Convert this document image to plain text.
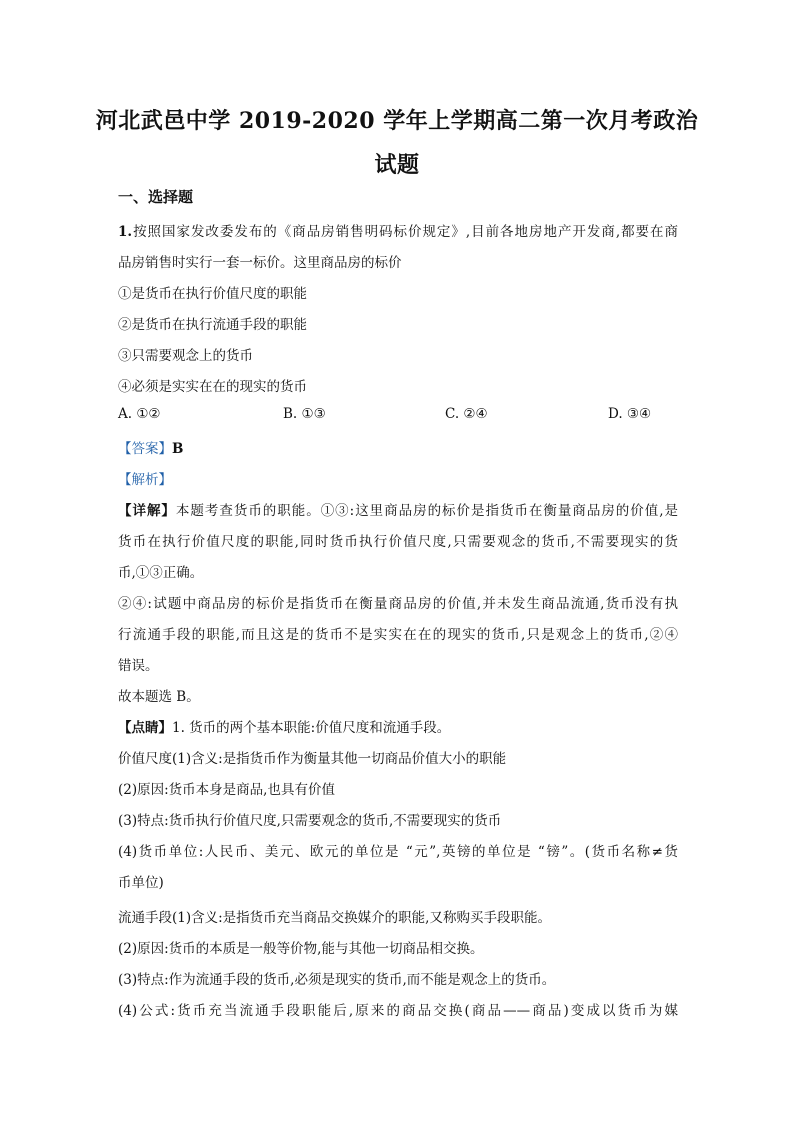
河北武邑中学 2019-2020 学年上学期高二第一次月考政治
试题
一、选择题
1.按照国家发改委发布的《商品房销售明码标价规定》,目前各地房地产开发商,都要在商
品房销售时实行一套一标价。这里商品房的标价
①是货币在执行价值尺度的职能
②是货币在执行流通手段的职能
③只需要观念上的货币
④必须是实实在在的现实的货币
A. ①②	B. ①③	C. ②④	D. ③④
【答案】B
【解析】
【详解】本题考查货币的职能。①③:这里商品房的标价是指货币在衡量商品房的价值,是
货币在执行价值尺度的职能,同时货币执行价值尺度,只需要观念的货币,不需要现实的货
币,①③正确。
②④:试题中商品房的标价是指货币在衡量商品房的价值,并未发生商品流通,货币没有执
行流通手段的职能,而且这是的货币不是实实在在的现实的货币,只是观念上的货币,②④
错误。
故本题选 B。
【点睛】1. 货币的两个基本职能:价值尺度和流通手段。
价值尺度(1)含义:是指货币作为衡量其他一切商品价值大小的职能
(2)原因:货币本身是商品,也具有价值
(3)特点:货币执行价值尺度,只需要观念的货币,不需要现实的货币
(4)货币单位:人民币、美元、欧元的单位是 “元”,英镑的单位是 “镑”。(货币名称≠货
币单位)
流通手段(1)含义:是指货币充当商品交换媒介的职能,又称购买手段职能。
(2)原因:货币的本质是一般等价物,能与其他一切商品相交换。
(3)特点:作为流通手段的货币,必须是现实的货币,而不能是观念上的货币。
(4)公式:货币充当流通手段职能后,原来的商品交换(商品——商品)变成以货币为媒
